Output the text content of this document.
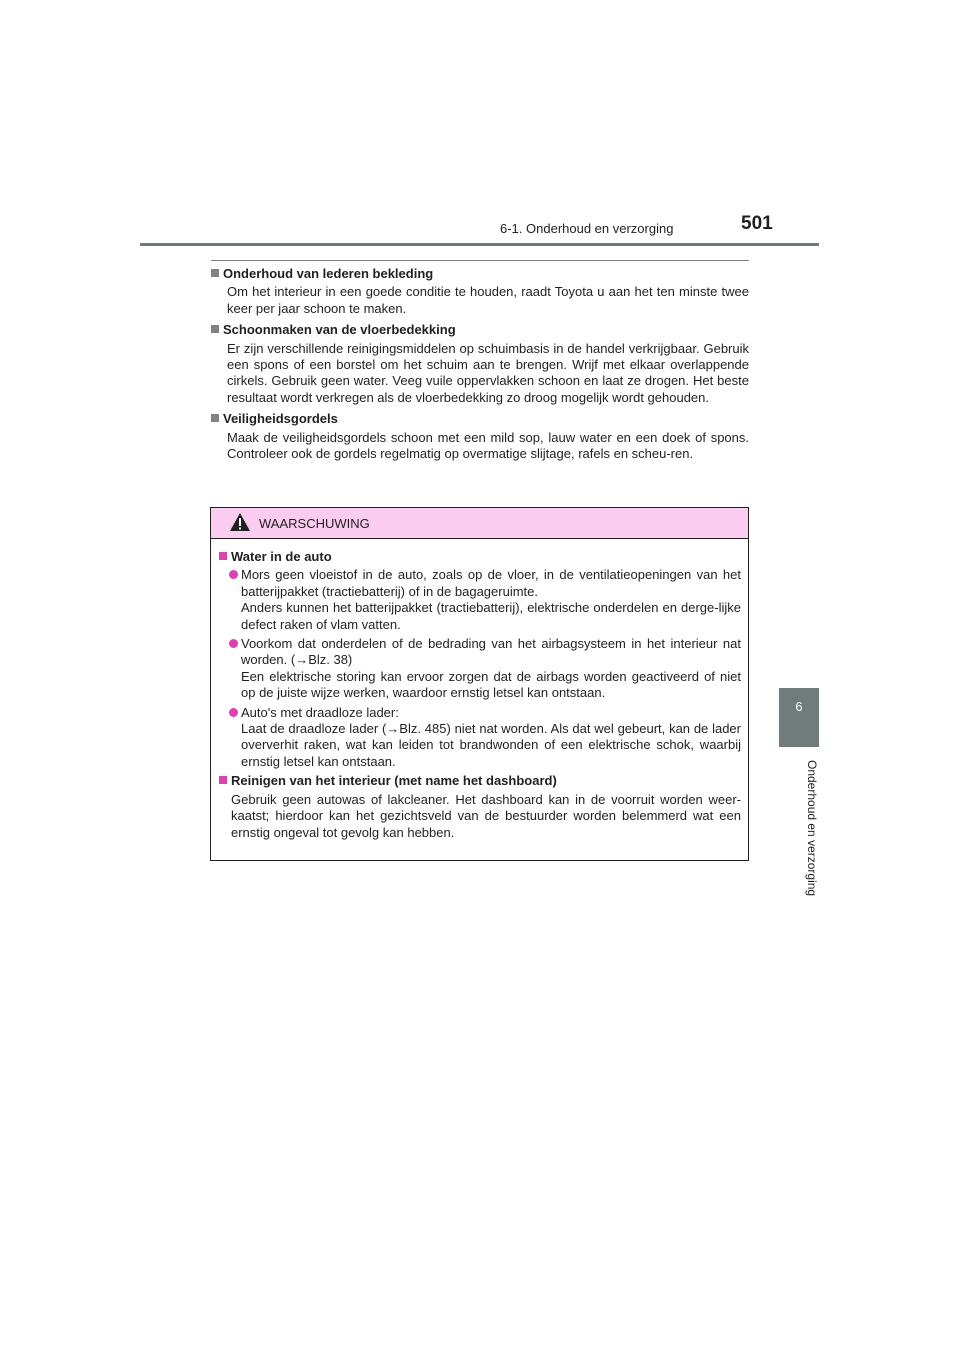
6-1. Onderhoud en verzorging	501
6
Onderhoud en verzorging
Onderhoud van lederen bekleding

Om het interieur in een goede conditie te houden, raadt Toyota u aan het ten minste twee keer per jaar schoon te maken.

Schoonmaken van de vloerbedekking

Er zijn verschillende reinigingsmiddelen op schuimbasis in de handel verkrijgbaar. Gebruik een spons of een borstel om het schuim aan te brengen. Wrijf met elkaar overlappende cirkels. Gebruik geen water. Veeg vuile oppervlakken schoon en laat ze drogen. Het beste resultaat wordt verkregen als de vloerbedekking zo droog mogelijk wordt gehouden.

Veiligheidsgordels

Maak de veiligheidsgordels schoon met een mild sop, lauw water en een doek of spons. Controleer ook de gordels regelmatig op overmatige slijtage, rafels en scheu-ren.

WAARSCHUWING
Water in de auto
Mors geen vloeistof in de auto, zoals op de vloer, in de ventilatieopeningen van het batterijpakket (tractiebatterij) of in de bagageruimte.
Anders kunnen het batterijpakket (tractiebatterij), elektrische onderdelen en derge-lijke defect raken of vlam vatten.
Voorkom dat onderdelen of de bedrading van het airbagsysteem in het interieur nat worden. (→Blz. 38)
Een elektrische storing kan ervoor zorgen dat de airbags worden geactiveerd of niet op de juiste wijze werken, waardoor ernstig letsel kan ontstaan.
Auto's met draadloze lader:
Laat de draadloze lader (→Blz. 485) niet nat worden. Als dat wel gebeurt, kan de lader oververhit raken, wat kan leiden tot brandwonden of een elektrische schok, waarbij ernstig letsel kan ontstaan.
Reinigen van het interieur (met name het dashboard)
Gebruik geen autowas of lakcleaner. Het dashboard kan in de voorruit worden weer-kaatst; hierdoor kan het gezichtsveld van de bestuurder worden belemmerd wat een ernstig ongeval tot gevolg kan hebben.
